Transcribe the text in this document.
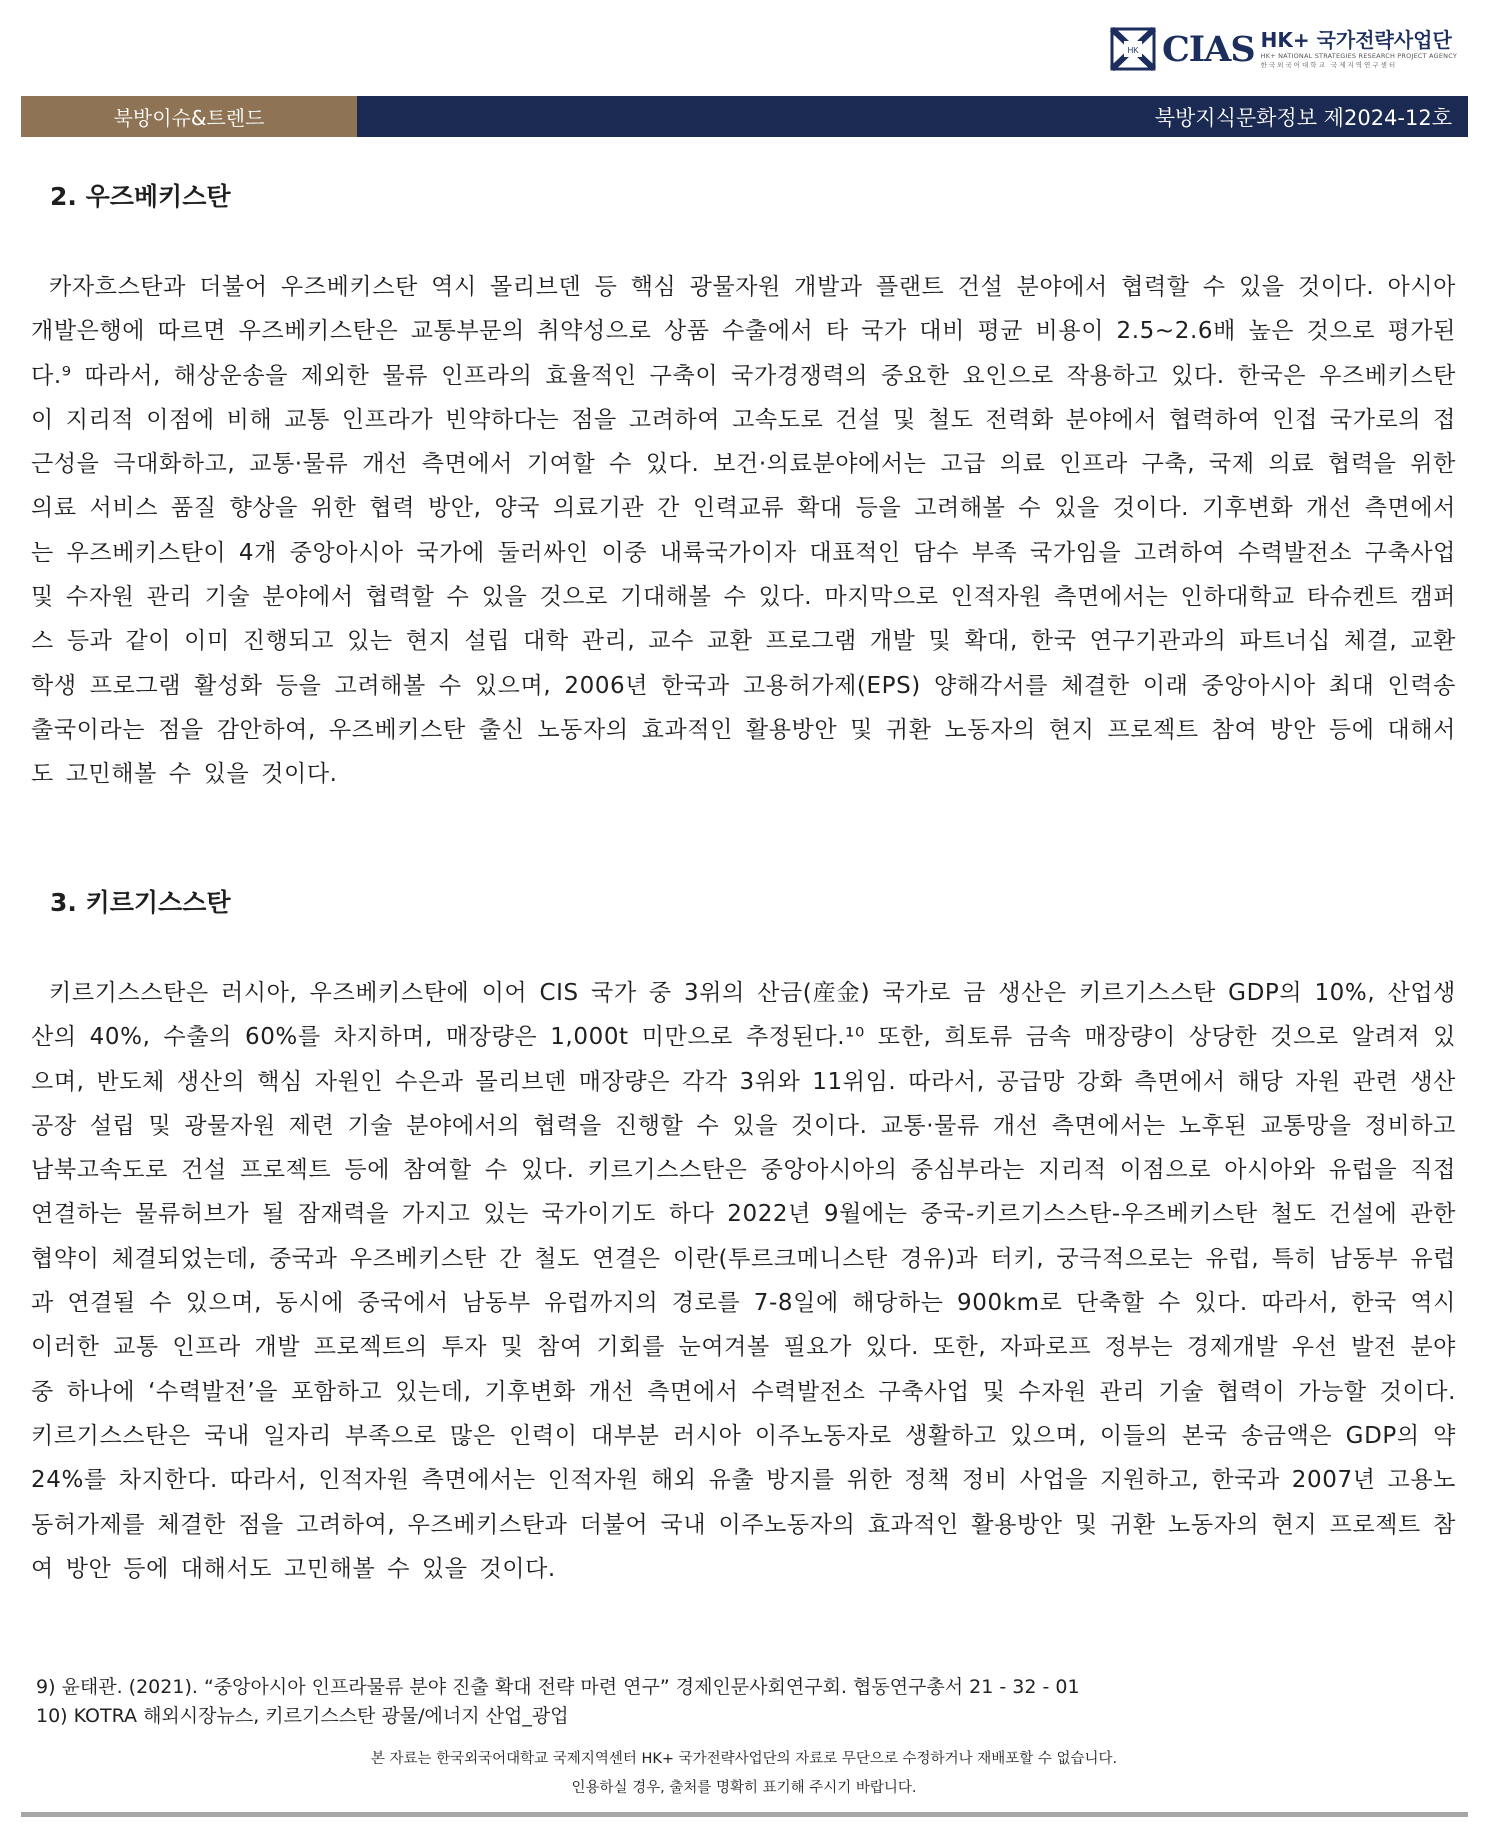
HK CIAS HK+ 국가전략사업단
HK+ NATIONAL STRATEGIES RESEARCH PROJECT AGENCY
한국외국어대학교 국제지역연구센터
북방이슈&트렌드	북방지식문화정보 제2024-12호
2. 우즈베키스탄

카자흐스탄과 더불어 우즈베키스탄 역시 몰리브덴 등 핵심 광물자원 개발과 플랜트 건설 분야에서 협력할 수 있을 것이다. 아시아개발은행에 따르면 우즈베키스탄은 교통부문의 취약성으로 상품 수출에서 타 국가 대비 평균 비용이 2.5~2.6배 높은 것으로 평가된다.⁹ 따라서, 해상운송을 제외한 물류 인프라의 효율적인 구축이 국가경쟁력의 중요한 요인으로 작용하고 있다. 한국은 우즈베키스탄이 지리적 이점에 비해 교통 인프라가 빈약하다는 점을 고려하여 고속도로 건설 및 철도 전력화 분야에서 협력하여 인접 국가로의 접근성을 극대화하고, 교통·물류 개선 측면에서 기여할 수 있다. 보건·의료분야에서는 고급 의료 인프라 구축, 국제 의료 협력을 위한 의료 서비스 품질 향상을 위한 협력 방안, 양국 의료기관 간 인력교류 확대 등을 고려해볼 수 있을 것이다. 기후변화 개선 측면에서는 우즈베키스탄이 4개 중앙아시아 국가에 둘러싸인 이중 내륙국가이자 대표적인 담수 부족 국가임을 고려하여 수력발전소 구축사업 및 수자원 관리 기술 분야에서 협력할 수 있을 것으로 기대해볼 수 있다. 마지막으로 인적자원 측면에서는 인하대학교 타슈켄트 캠퍼스 등과 같이 이미 진행되고 있는 현지 설립 대학 관리, 교수 교환 프로그램 개발 및 확대, 한국 연구기관과의 파트너십 체결, 교환학생 프로그램 활성화 등을 고려해볼 수 있으며, 2006년 한국과 고용허가제(EPS) 양해각서를 체결한 이래 중앙아시아 최대 인력송출국이라는 점을 감안하여, 우즈베키스탄 출신 노동자의 효과적인 활용방안 및 귀환 노동자의 현지 프로젝트 참여 방안 등에 대해서도 고민해볼 수 있을 것이다.

3. 키르기스스탄

키르기스스탄은 러시아, 우즈베키스탄에 이어 CIS 국가 중 3위의 산금(産金) 국가로 금 생산은 키르기스스탄 GDP의 10%, 산업생산의 40%, 수출의 60%를 차지하며, 매장량은 1,000t 미만으로 추정된다.¹⁰ 또한, 희토류 금속 매장량이 상당한 것으로 알려져 있으며, 반도체 생산의 핵심 자원인 수은과 몰리브덴 매장량은 각각 3위와 11위임. 따라서, 공급망 강화 측면에서 해당 자원 관련 생산공장 설립 및 광물자원 제련 기술 분야에서의 협력을 진행할 수 있을 것이다. 교통·물류 개선 측면에서는 노후된 교통망을 정비하고 남북고속도로 건설 프로젝트 등에 참여할 수 있다. 키르기스스탄은 중앙아시아의 중심부라는 지리적 이점으로 아시아와 유럽을 직접 연결하는 물류허브가 될 잠재력을 가지고 있는 국가이기도 하다 2022년 9월에는 중국-키르기스스탄-우즈베키스탄 철도 건설에 관한 협약이 체결되었는데, 중국과 우즈베키스탄 간 철도 연결은 이란(투르크메니스탄 경유)과 터키, 궁극적으로는 유럽, 특히 남동부 유럽과 연결될 수 있으며, 동시에 중국에서 남동부 유럽까지의 경로를 7-8일에 해당하는 900km로 단축할 수 있다. 따라서, 한국 역시 이러한 교통 인프라 개발 프로젝트의 투자 및 참여 기회를 눈여겨볼 필요가 있다. 또한, 자파로프 정부는 경제개발 우선 발전 분야 중 하나에 ‘수력발전’을 포함하고 있는데, 기후변화 개선 측면에서 수력발전소 구축사업 및 수자원 관리 기술 협력이 가능할 것이다. 키르기스스탄은 국내 일자리 부족으로 많은 인력이 대부분 러시아 이주노동자로 생활하고 있으며, 이들의 본국 송금액은 GDP의 약 24%를 차지한다. 따라서, 인적자원 측면에서는 인적자원 해외 유출 방지를 위한 정책 정비 사업을 지원하고, 한국과 2007년 고용노동허가제를 체결한 점을 고려하여, 우즈베키스탄과 더불어 국내 이주노동자의 효과적인 활용방안 및 귀환 노동자의 현지 프로젝트 참여 방안 등에 대해서도 고민해볼 수 있을 것이다.

9) 윤태관. (2021). “중앙아시아 인프라물류 분야 진출 확대 전략 마련 연구” 경제인문사회연구회. 협동연구총서 21 - 32 - 01
10) KOTRA 해외시장뉴스, 키르기스스탄 광물/에너지 산업_광업
본 자료는 한국외국어대학교 국제지역센터 HK+ 국가전략사업단의 자료로 무단으로 수정하거나 재배포할 수 없습니다.
인용하실 경우, 출처를 명확히 표기해 주시기 바랍니다.
